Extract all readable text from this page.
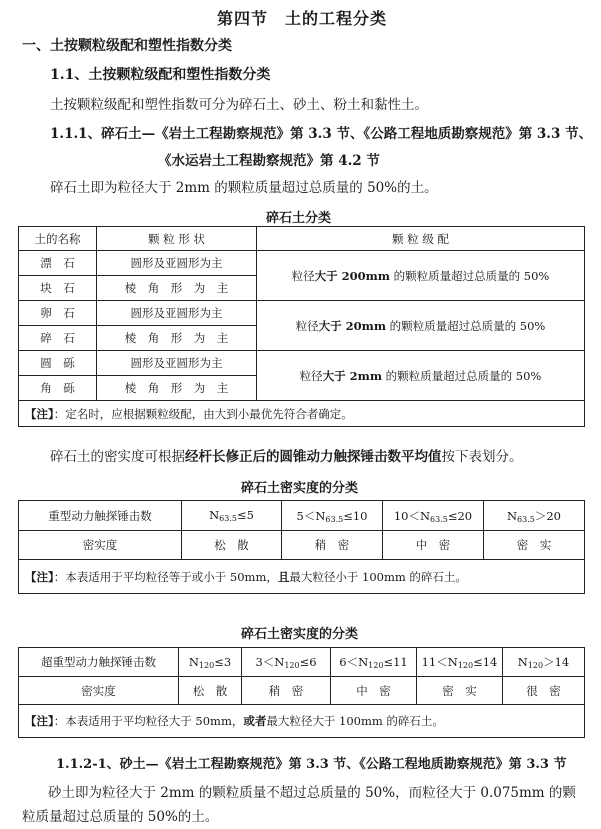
第四节　土的工程分类
一、土按颗粒级配和塑性指数分类
1.1、土按颗粒级配和塑性指数分类
土按颗粒级配和塑性指数可分为碎石土、砂土、粉土和黏性土。
1.1.1、碎石土—《岩土工程勘察规范》第 3.3 节、《公路工程地质勘察规范》第 3.3 节、
《水运岩土工程勘察规范》第 4.2 节
碎石土即为粒径大于 2mm 的颗粒质量超过总质量的 50%的土。
碎石土分类
土的名称	颗 粒 形 状	颗 粒 级 配
漂　石	圆形及亚圆形为主	粒径大于 200mm 的颗粒质量超过总质量的 50%
块　石	棱　角　形　为　主	
卵　石	圆形及亚圆形为主	粒径大于 20mm 的颗粒质量超过总质量的 50%
碎　石	棱　角　形　为　主	
圆　砾	圆形及亚圆形为主	粒径大于 2mm 的颗粒质量超过总质量的 50%
角　砾	棱　角　形　为　主	
【注】：定名时，应根据颗粒级配，由大到小最优先符合者确定。		
碎石土的密实度可根据经杆长修正后的圆锥动力触探锤击数平均值按下表划分。
碎石土密实度的分类
重型动力触探锤击数	$N_{63.5}\le 5$	$5<N_{63.5}\le 10$	$10<N_{63.5}\le 20$	$N_{63.5}>20$
密实度	松　散	稍　密	中　密	密　实
【注】：本表适用于平均粒径等于或小于 50mm，且最大粒径小于 100mm 的碎石土。				
碎石土密实度的分类
超重型动力触探锤击数	$N_{120}\le 3$	$3<N_{120}\le 6$	$6<N_{120}\le 11$	$11<N_{120}\le 14$	$N_{120}>14$
密实度	松　散	稍　密	中　密	密　实	很　密
【注】：本表适用于平均粒径大于 50mm，或者最大粒径大于 100mm 的碎石土。					
1.1.2-1、砂土—《岩土工程勘察规范》第 3.3 节、《公路工程地质勘察规范》第 3.3 节
砂土即为粒径大于 2mm 的颗粒质量不超过总质量的 50%，而粒径大于 0.075mm 的颗
粒质量超过总质量的 50%的土。
